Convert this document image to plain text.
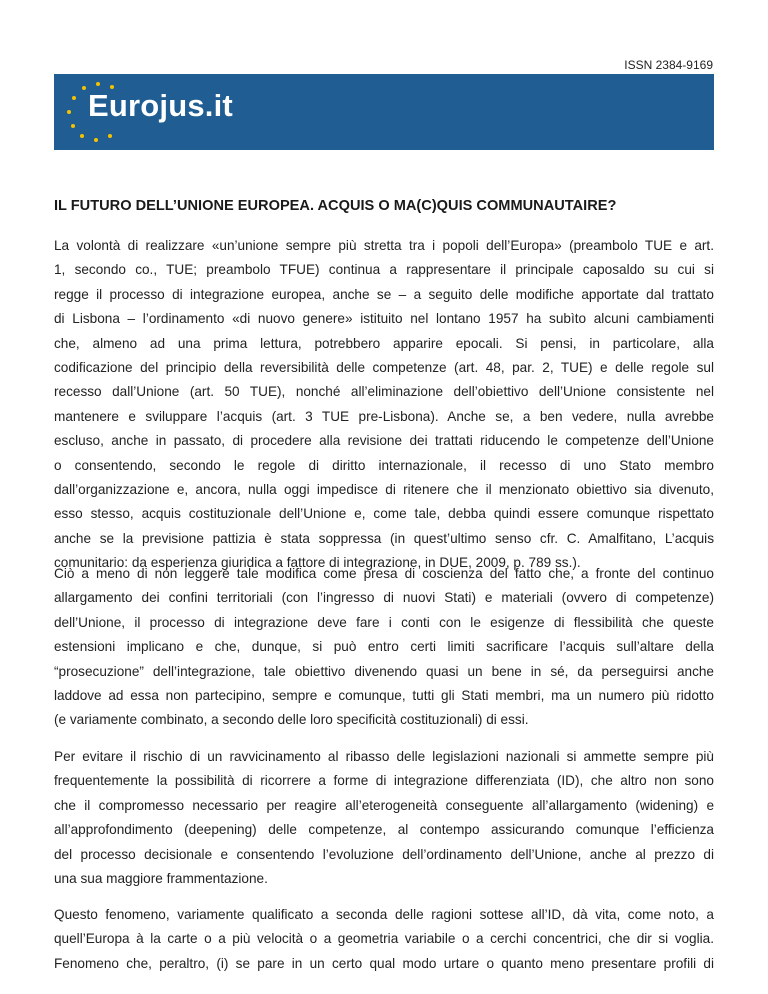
ISSN 2384-9169
Eurojus.it
IL FUTURO DELL’UNIONE EUROPEA. ACQUIS O MA(C)QUIS COMMUNAUTAIRE?
La volontà di realizzare «un’unione sempre più stretta tra i popoli dell’Europa» (preambolo TUE e art.
1, secondo co., TUE; preambolo TFUE) continua a rappresentare il principale caposaldo su cui si
regge il processo di integrazione europea, anche se – a seguito delle modifiche apportate dal trattato
di Lisbona – l’ordinamento «di nuovo genere» istituito nel lontano 1957 ha subìto alcuni cambiamenti
che, almeno ad una prima lettura, potrebbero apparire epocali. Si pensi, in particolare, alla
codificazione del principio della reversibilità delle competenze (art. 48, par. 2, TUE) e delle regole sul
recesso dall’Unione (art. 50 TUE), nonché all’eliminazione dell’obiettivo dell’Unione consistente nel
mantenere e sviluppare l’acquis (art. 3 TUE pre-Lisbona). Anche se, a ben vedere, nulla avrebbe
escluso, anche in passato, di procedere alla revisione dei trattati riducendo le competenze dell’Unione
o consentendo, secondo le regole di diritto internazionale, il recesso di uno Stato membro
dall’organizzazione e, ancora, nulla oggi impedisce di ritenere che il menzionato obiettivo sia divenuto,
esso stesso, acquis costituzionale dell’Unione e, come tale, debba quindi essere comunque rispettato
anche se la previsione pattizia è stata soppressa (in quest’ultimo senso cfr. C. Amalfitano, L’acquis
comunitario: da esperienza giuridica a fattore di integrazione, in DUE, 2009, p. 789 ss.).
Ciò a meno di non leggere tale modifica come presa di coscienza del fatto che, a fronte del continuo
allargamento dei confini territoriali (con l’ingresso di nuovi Stati) e materiali (ovvero di competenze)
dell’Unione, il processo di integrazione deve fare i conti con le esigenze di flessibilità che queste
estensioni implicano e che, dunque, si può entro certi limiti sacrificare l’acquis sull’altare della
“prosecuzione” dell’integrazione, tale obiettivo divenendo quasi un bene in sé, da perseguirsi anche
laddove ad essa non partecipino, sempre e comunque, tutti gli Stati membri, ma un numero più ridotto
(e variamente combinato, a secondo delle loro specificità costituzionali) di essi.
Per evitare il rischio di un ravvicinamento al ribasso delle legislazioni nazionali si ammette sempre più
frequentemente la possibilità di ricorrere a forme di integrazione differenziata (ID), che altro non sono
che il compromesso necessario per reagire all’eterogeneità conseguente all’allargamento (widening) e
all’approfondimento (deepening) delle competenze, al contempo assicurando comunque l’efficienza
del processo decisionale e consentendo l’evoluzione dell’ordinamento dell’Unione, anche al prezzo di
una sua maggiore frammentazione.
Questo fenomeno, variamente qualificato a seconda delle ragioni sottese all’ID, dà vita, come noto, a
quell’Europa à la carte o a più velocità o a geometria variabile o a cerchi concentrici, che dir si voglia.
Fenomeno che, peraltro, (i) se pare in un certo qual modo urtare o quanto meno presentare profili di
